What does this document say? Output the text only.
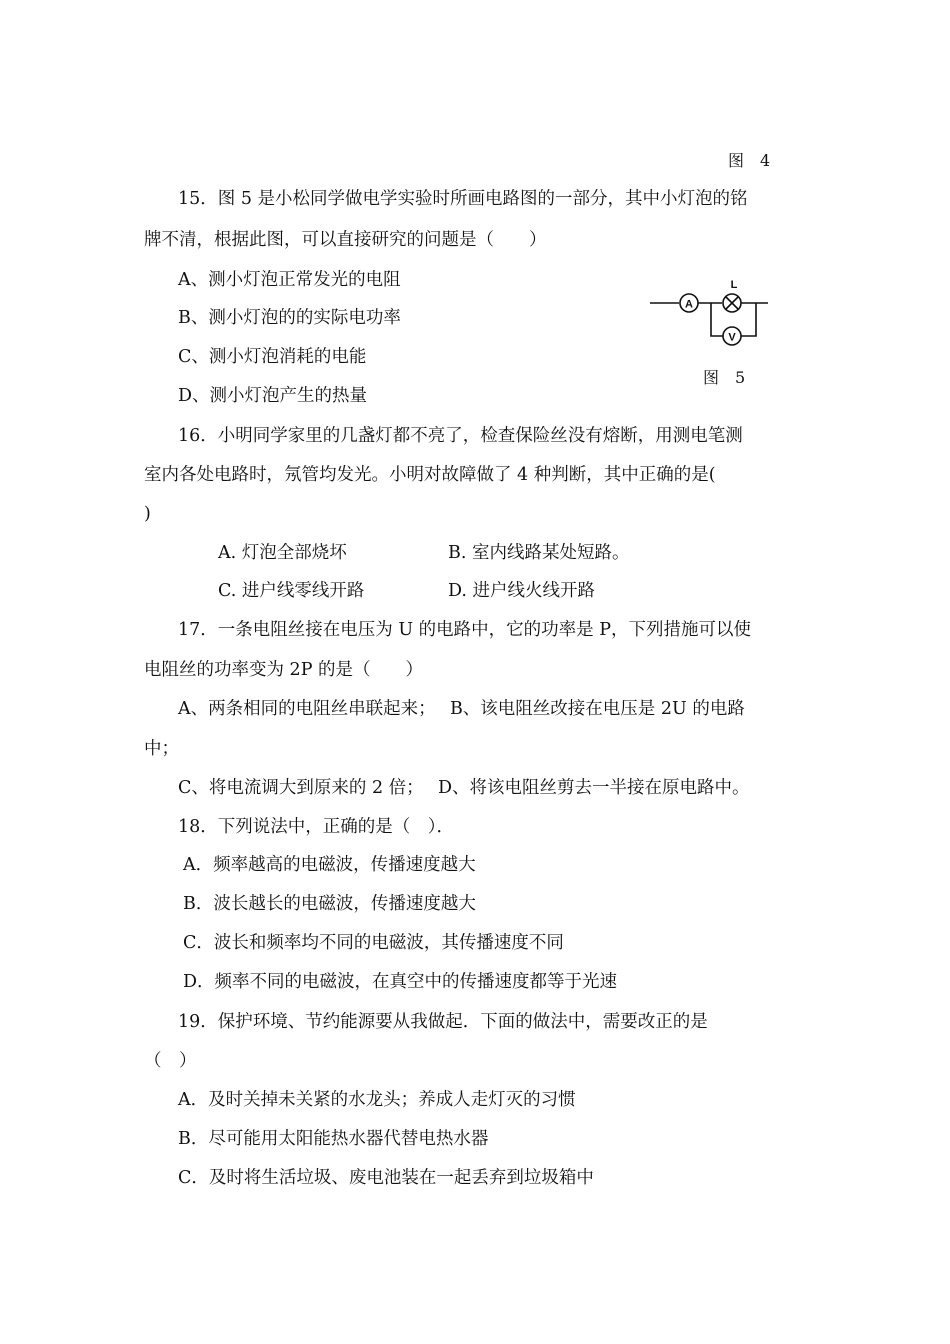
图　4
15．图 5 是小松同学做电学实验时所画电路图的一部分，其中小灯泡的铭
牌不清，根据此图，可以直接研究的问题是（　　）
A、测小灯泡正常发光的电阻
B、测小灯泡的的实际电功率
C、测小灯泡消耗的电能
D、测小灯泡产生的热量
A
L
V
图　5
16．小明同学家里的几盏灯都不亮了，检查保险丝没有熔断，用测电笔测
室内各处电路时，氖管均发光。小明对故障做了 4 种判断，其中正确的是(
)
A. 灯泡全部烧坏	B. 室内线路某处短路。
C. 进户线零线开路	D. 进户线火线开路
17．一条电阻丝接在电压为 U 的电路中，它的功率是 P，下列措施可以使
电阻丝的功率变为 2P 的是（　　）
A、两条相同的电阻丝串联起来；　 B、该电阻丝改接在电压是 2U 的电路
中；
C、将电流调大到原来的 2 倍；　 D、将该电阻丝剪去一半接在原电路中。
18．下列说法中，正确的是（　）．
A．频率越高的电磁波，传播速度越大
B．波长越长的电磁波，传播速度越大
C．波长和频率均不同的电磁波，其传播速度不同
D．频率不同的电磁波，在真空中的传播速度都等于光速
19．保护环境、节约能源要从我做起．下面的做法中，需要改正的是
（　）
A．及时关掉未关紧的水龙头；养成人走灯灭的习惯
B．尽可能用太阳能热水器代替电热水器
C．及时将生活垃圾、废电池装在一起丢弃到垃圾箱中
